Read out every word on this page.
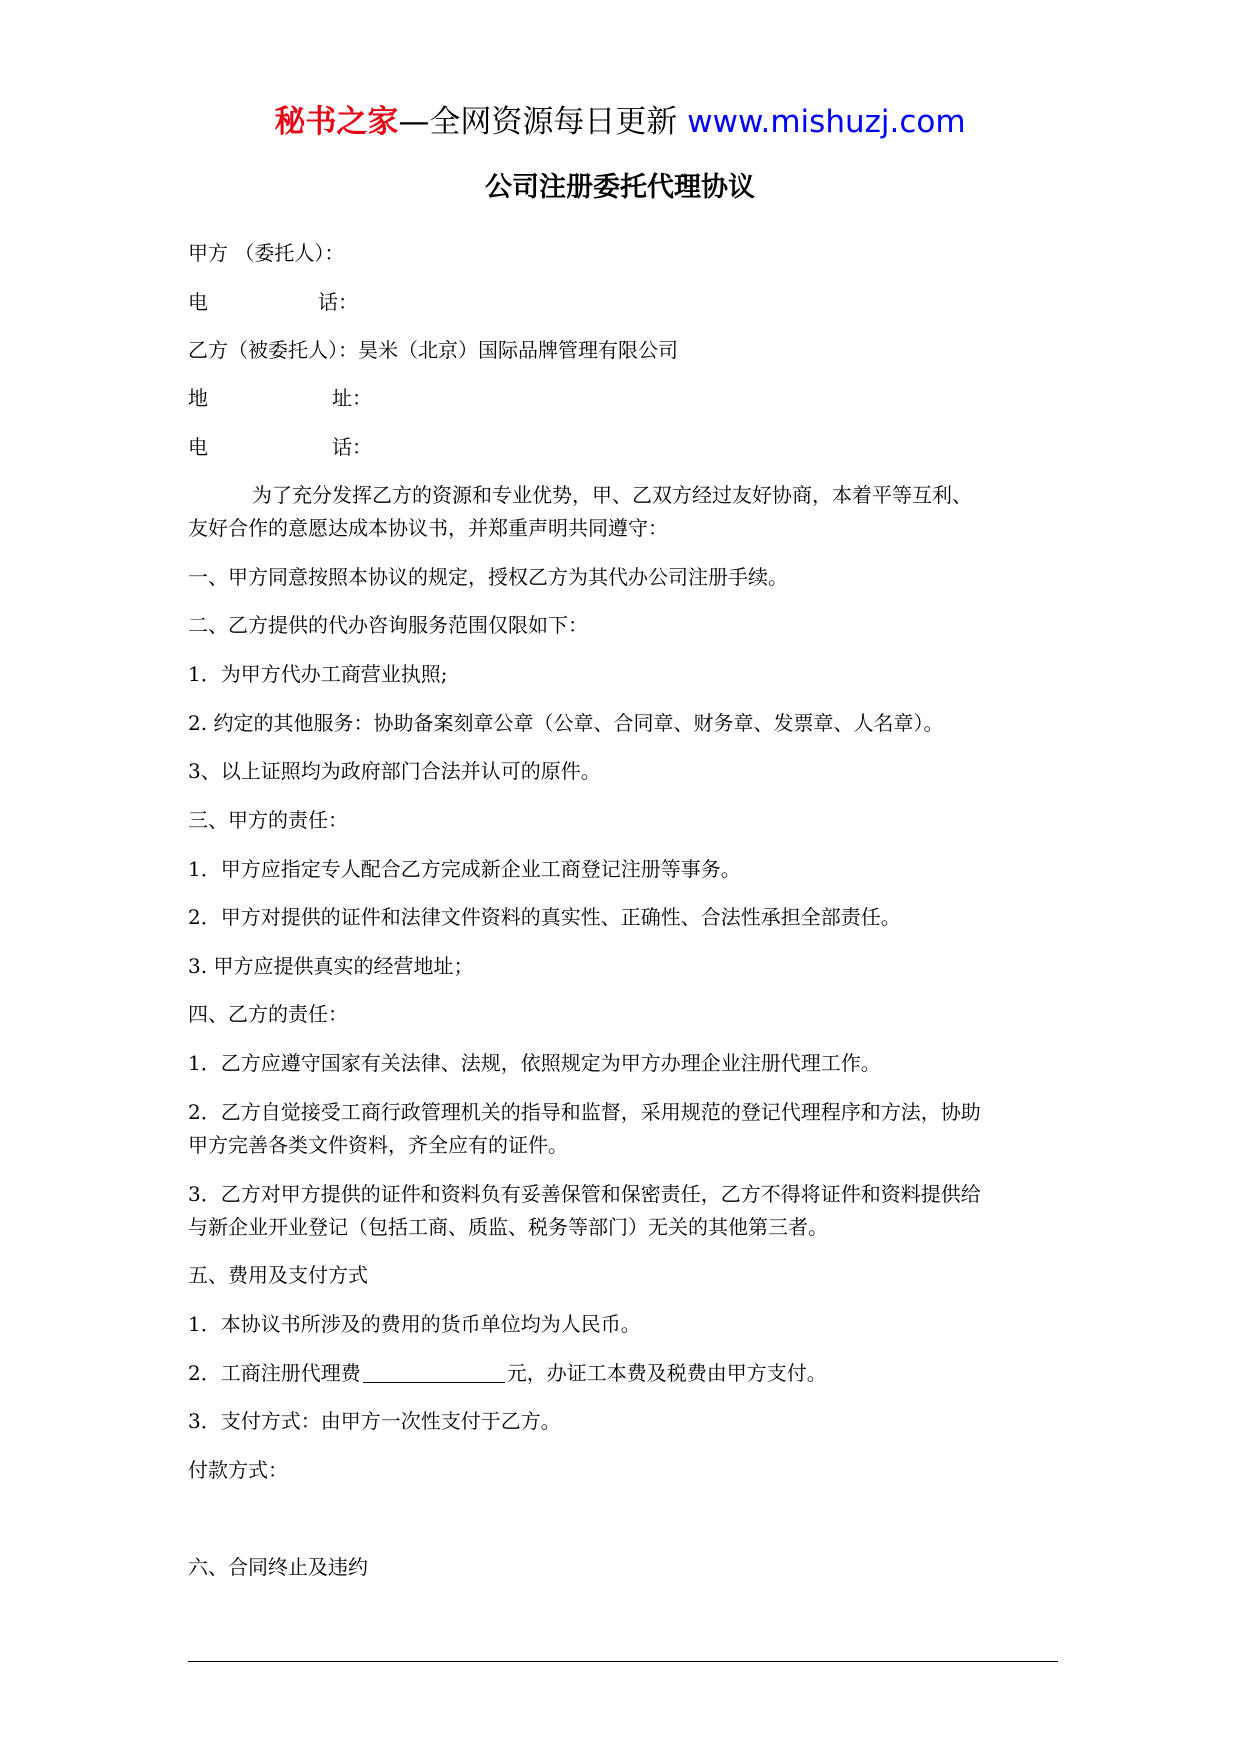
秘书之家—全网资源每日更新 www.mishuzj.com
公司注册委托代理协议
甲方 （委托人）：
电	话：
乙方（被委托人）：昊米（北京）国际品牌管理有限公司
地	址：
电	话：
为了充分发挥乙方的资源和专业优势，甲、乙双方经过友好协商，本着平等互利、
友好合作的意愿达成本协议书，并郑重声明共同遵守：
一、甲方同意按照本协议的规定，授权乙方为其代办公司注册手续。
二、乙方提供的代办咨询服务范围仅限如下：
1．为甲方代办工商营业执照;
2. 约定的其他服务：协助备案刻章公章（公章、合同章、财务章、发票章、人名章）。
3、以上证照均为政府部门合法并认可的原件。
三、甲方的责任：
1．甲方应指定专人配合乙方完成新企业工商登记注册等事务。
2．甲方对提供的证件和法律文件资料的真实性、正确性、合法性承担全部责任。
3. 甲方应提供真实的经营地址；
四、乙方的责任：
1．乙方应遵守国家有关法律、法规，依照规定为甲方办理企业注册代理工作。
2．乙方自觉接受工商行政管理机关的指导和监督，采用规范的登记代理程序和方法，协助
甲方完善各类文件资料，齐全应有的证件。
3．乙方对甲方提供的证件和资料负有妥善保管和保密责任，乙方不得将证件和资料提供给
与新企业开业登记（包括工商、质监、税务等部门）无关的其他第三者。
五、费用及支付方式
1．本协议书所涉及的费用的货币单位均为人民币。
2．工商注册代理费	元，办证工本费及税费由甲方支付。
3．支付方式：由甲方一次性支付于乙方。
付款方式：
六、合同终止及违约
